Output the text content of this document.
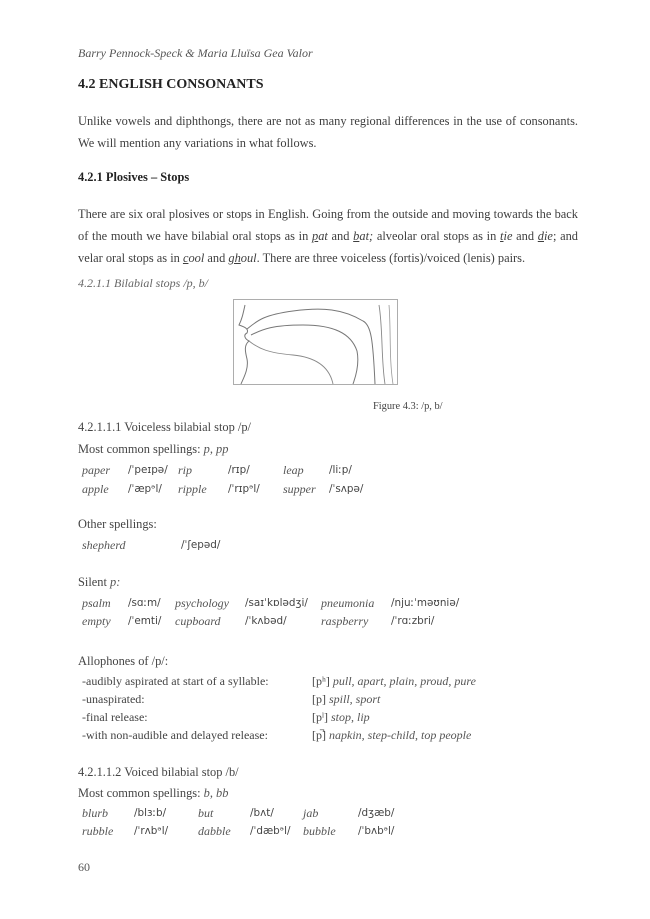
Barry Pennock-Speck & Maria Lluïsa Gea Valor
4.2 ENGLISH CONSONANTS
Unlike vowels and diphthongs, there are not as many regional differences in the use of consonants. We will mention any variations in what follows.
4.2.1 Plosives – Stops
There are six oral plosives or stops in English. Going from the outside and moving towards the back of the mouth we have bilabial oral stops as in pat and bat; alveolar oral stops as in tie and die; and velar oral stops as in cool and ghoul. There are three voiceless (fortis)/voiced (lenis) pairs.
4.2.1.1 Bilabial stops /p, b/
Figure 4.3: /p, b/
4.2.1.1.1 Voiceless bilabial stop /p/
Most common spellings: p, pp
paper /ˈpeɪpə/ rip	/rɪp/	leap /liːp/
apple /ˈæpᵊl/ ripple /ˈrɪpᵊl/ supper /ˈsʌpə/
Other spellings:
shepherd	/ˈʃepəd/
Silent p:
psalm /sɑːm/ psychology /saɪˈkɒlədʒi/ pneumonia /njuːˈməʊniə/
empty /ˈemti/ cupboard /ˈkʌbəd/	raspberry /ˈrɑːzbri/
Allophones of /p/:
-audibly aspirated at start of a syllable:	[pʰ] pull, apart, plain, proud, pure
-unaspirated:	[p] spill, sport
-final release:	[pˡ] stop, lip
-with non-audible and delayed release:	[p̚] napkin, step-child, top people
4.2.1.1.2 Voiced bilabial stop /b/
Most common spellings: b, bb
blurb /blɜːb/	but	/bʌt/ jab	/dʒæb/
rubble /ˈrʌbᵊl/ dabble /ˈdæbᵊl/ bubble /ˈbʌbᵊl/
60
